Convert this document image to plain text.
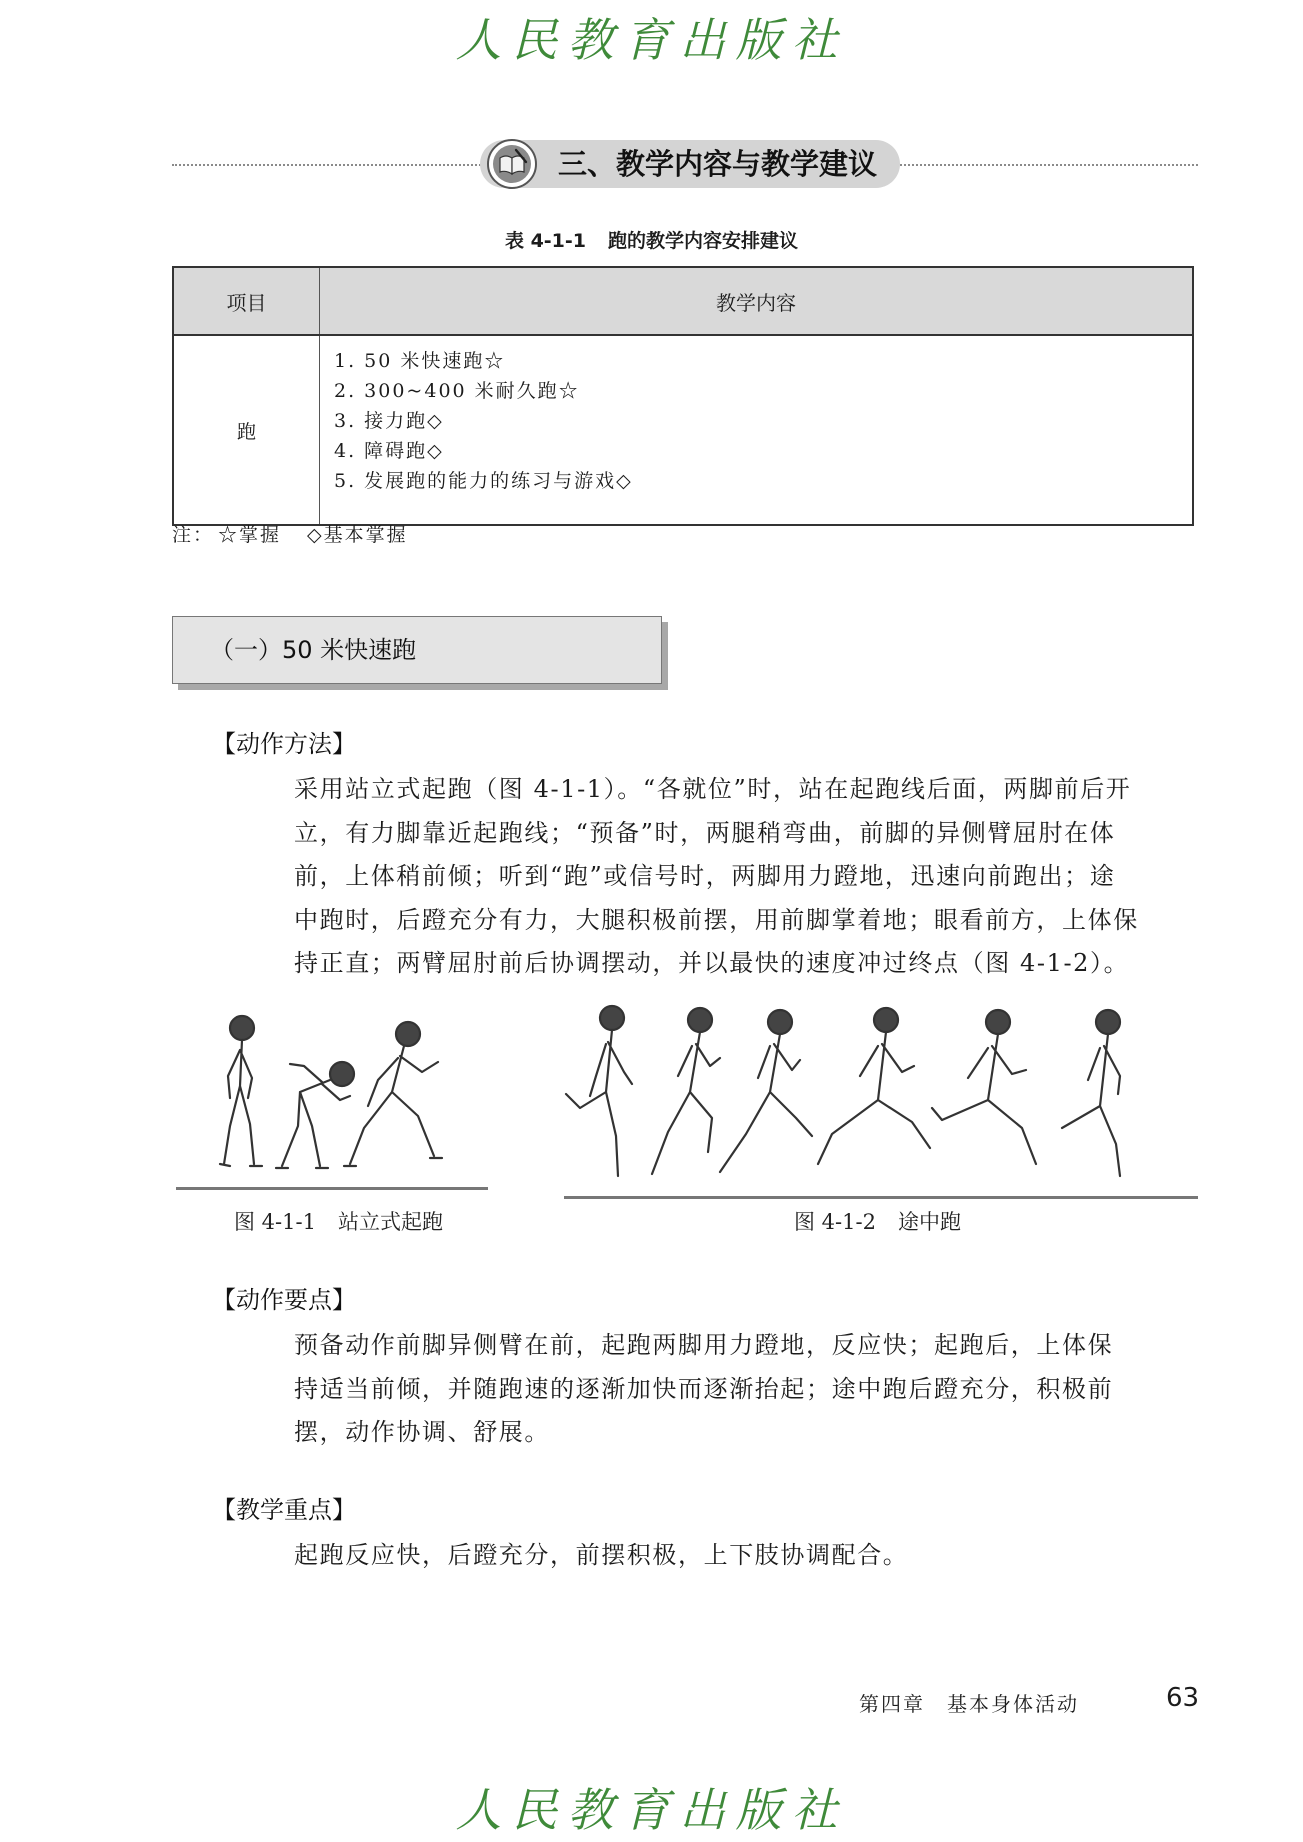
人民教育出版社
三、教学内容与教学建议
表 4-1-1 跑的教学内容安排建议
项目	教学内容
跑	1. 50 米快速跑☆
2. 300~400 米耐久跑☆
3. 接力跑◇
4. 障碍跑◇
5. 发展跑的能力的练习与游戏◇
注： ☆掌握 ◇基本掌握
（一）50 米快速跑
【动作方法】
采用站立式起跑（图 4-1-1）。“各就位”时，站在起跑线后面，两脚前后开
立，有力脚靠近起跑线；“预备”时，两腿稍弯曲，前脚的异侧臂屈肘在体
前，上体稍前倾；听到“跑”或信号时，两脚用力蹬地，迅速向前跑出；途
中跑时，后蹬充分有力，大腿积极前摆，用前脚掌着地；眼看前方，上体保
持正直；两臂屈肘前后协调摆动，并以最快的速度冲过终点（图 4-1-2）。
图 4-1-1 站立式起跑	图 4-1-2 途中跑
【动作要点】
预备动作前脚异侧臂在前，起跑两脚用力蹬地，反应快；起跑后，上体保
持适当前倾，并随跑速的逐渐加快而逐渐抬起；途中跑后蹬充分，积极前
摆，动作协调、舒展。
【教学重点】
起跑反应快，后蹬充分，前摆积极，上下肢协调配合。
第四章　基本身体活动	63
人民教育出版社
